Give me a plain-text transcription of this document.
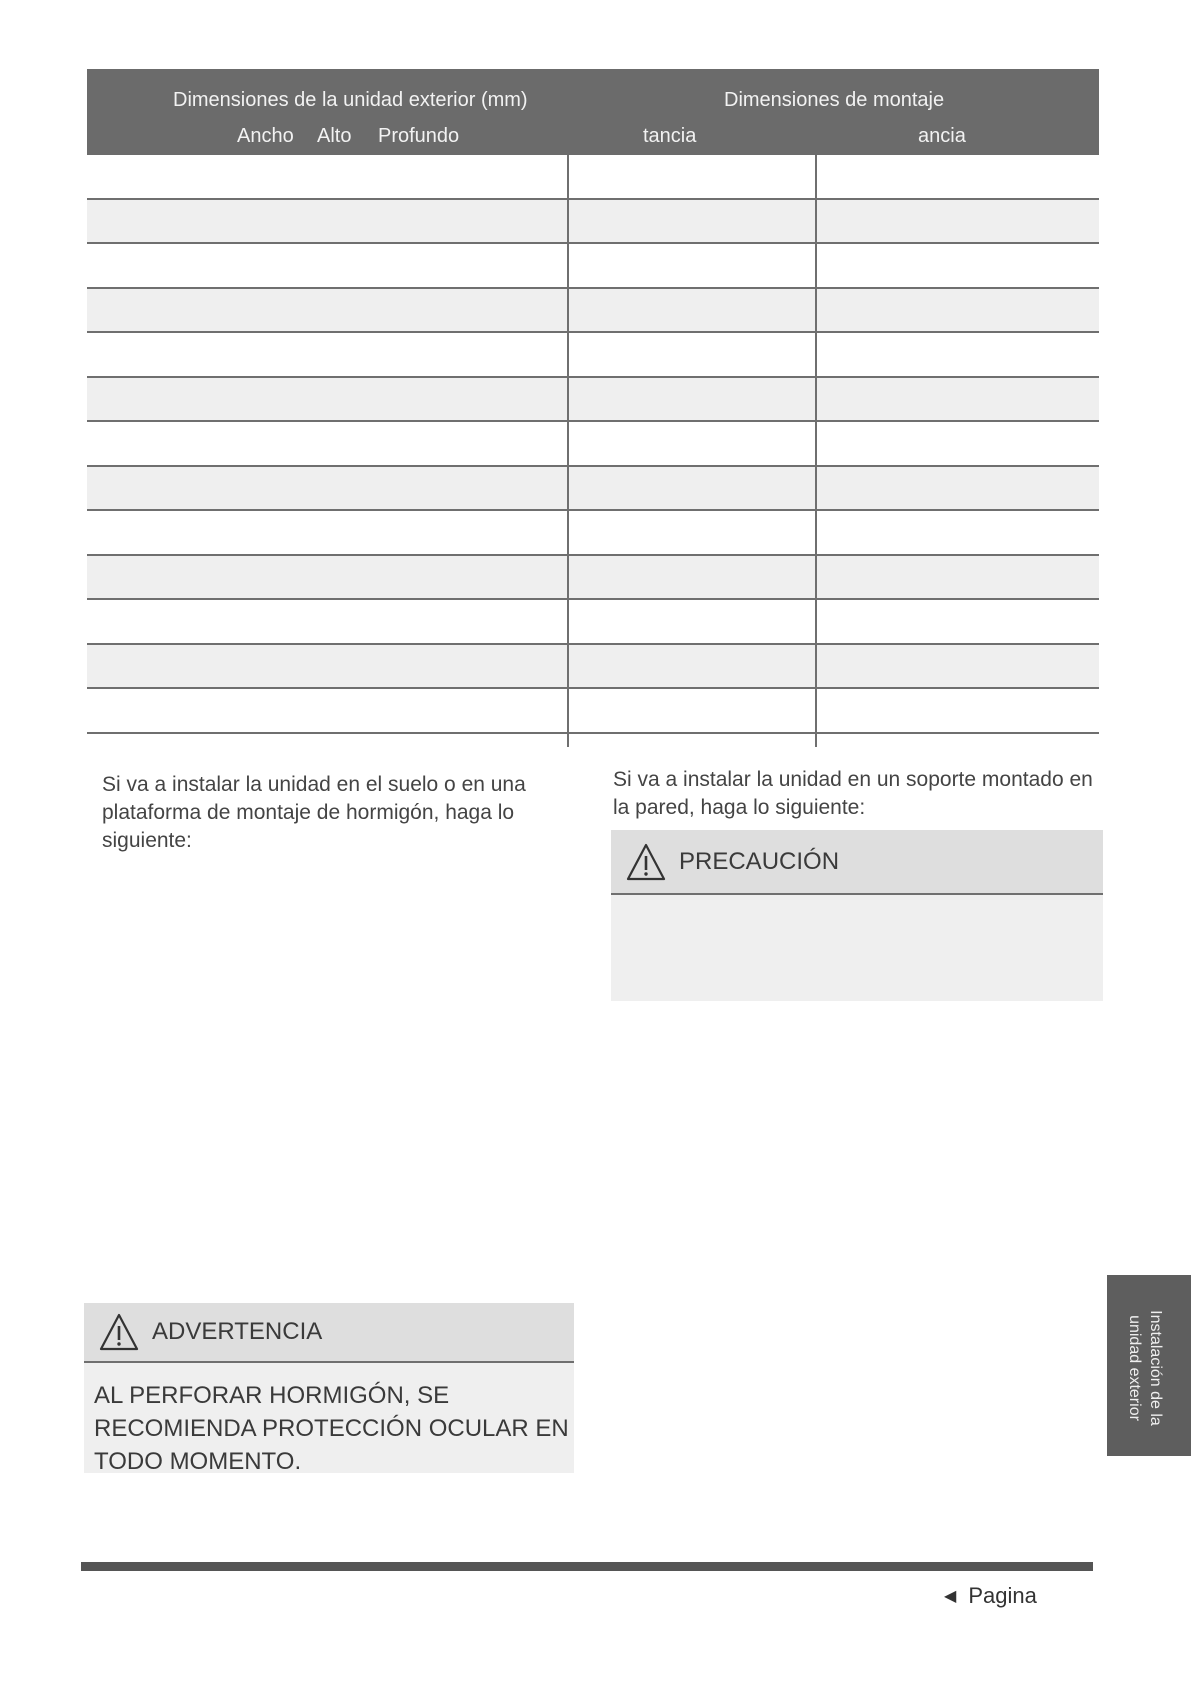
Dimensiones de la unidad exterior (mm)	Dimensiones de montaje
Ancho Alto Profundo	tancia	ancia
Si va a instalar la unidad en el suelo o en una plataforma de montaje de hormigón, haga lo siguiente:
Si va a instalar la unidad en un soporte montado en la pared, haga lo siguiente:
PRECAUCIÓN
ADVERTENCIA
AL PERFORAR HORMIGÓN, SE RECOMIENDA PROTECCIÓN OCULAR EN TODO MOMENTO.
Instalación de la
unidad exterior
◀ Pagina
